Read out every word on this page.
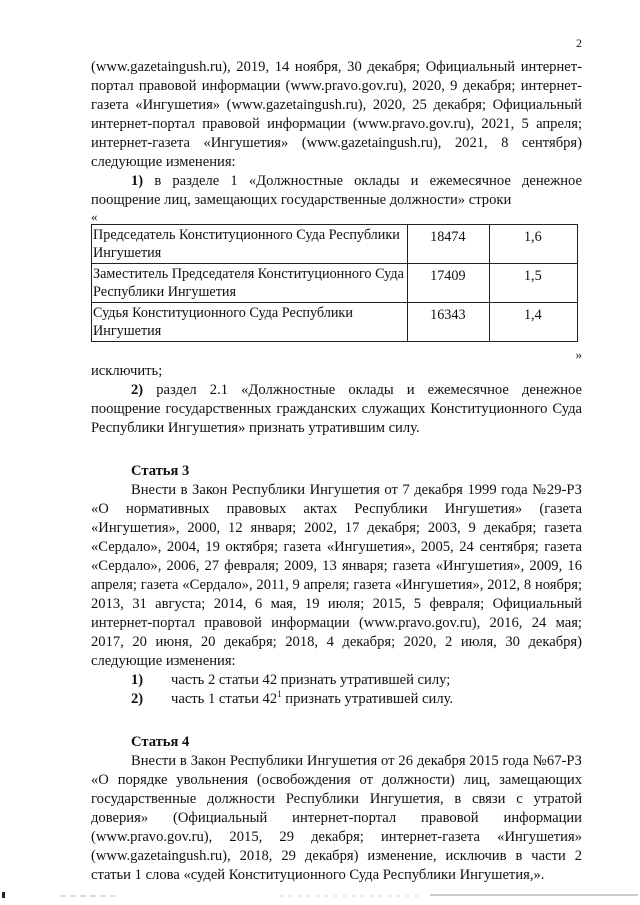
2

(www.gazetaingush.ru), 2019, 14 ноября, 30 декабря; Официальный интернет-портал правовой информации (www.pravo.gov.ru), 2020, 9 декабря; интернет-газета «Ингушетия» (www.gazetaingush.ru), 2020, 25 декабря; Официальный интернет-портал правовой информации (www.pravo.gov.ru), 2021, 5 апреля; интернет-газета «Ингушетия» (www.gazetaingush.ru), 2021, 8 сентября) следующие изменения:

1) в разделе 1 «Должностные оклады и ежемесячное денежное поощрение лиц, замещающих государственные должности» строки

«
Председатель Конституционного Суда Республики Ингушетия	18474	1,6
Заместитель Председателя Конституционного Суда Республики Ингушетия	17409	1,5
Судья Конституционного Суда Республики Ингушетия	16343	1,4
»

исключить;

2) раздел 2.1 «Должностные оклады и ежемесячное денежное поощрение государственных гражданских служащих Конституционного Суда Республики Ингушетия» признать утратившим силу.

Статья 3

Внести в Закон Республики Ингушетия от 7 декабря 1999 года №29-РЗ «О нормативных правовых актах Республики Ингушетия» (газета «Ингушетия», 2000, 12 января; 2002, 17 декабря; 2003, 9 декабря; газета «Сердало», 2004, 19 октября; газета «Ингушетия», 2005, 24 сентября; газета «Сердало», 2006, 27 февраля; 2009, 13 января; газета «Ингушетия», 2009, 16 апреля; газета «Сердало», 2011, 9 апреля; газета «Ингушетия», 2012, 8 ноября; 2013, 31 августа; 2014, 6 мая, 19 июля; 2015, 5 февраля; Официальный интернет-портал правовой информации (www.pravo.gov.ru), 2016, 24 мая; 2017, 20 июня, 20 декабря; 2018, 4 декабря; 2020, 2 июля, 30 декабря) следующие изменения:

1)	часть 2 статьи 42 признать утратившей силу;
2)	часть 1 статьи $42^1$ признать утратившей силу.

Статья 4

Внести в Закон Республики Ингушетия от 26 декабря 2015 года №67-РЗ «О порядке увольнения (освобождения от должности) лиц, замещающих государственные должности Республики Ингушетия, в связи с утратой доверия» (Официальный интернет-портал правовой информации (www.pravo.gov.ru), 2015, 29 декабря; интернет-газета «Ингушетия» (www.gazetaingush.ru), 2018, 29 декабря) изменение, исключив в части 2 статьи 1 слова «судей Конституционного Суда Республики Ингушетия,».
